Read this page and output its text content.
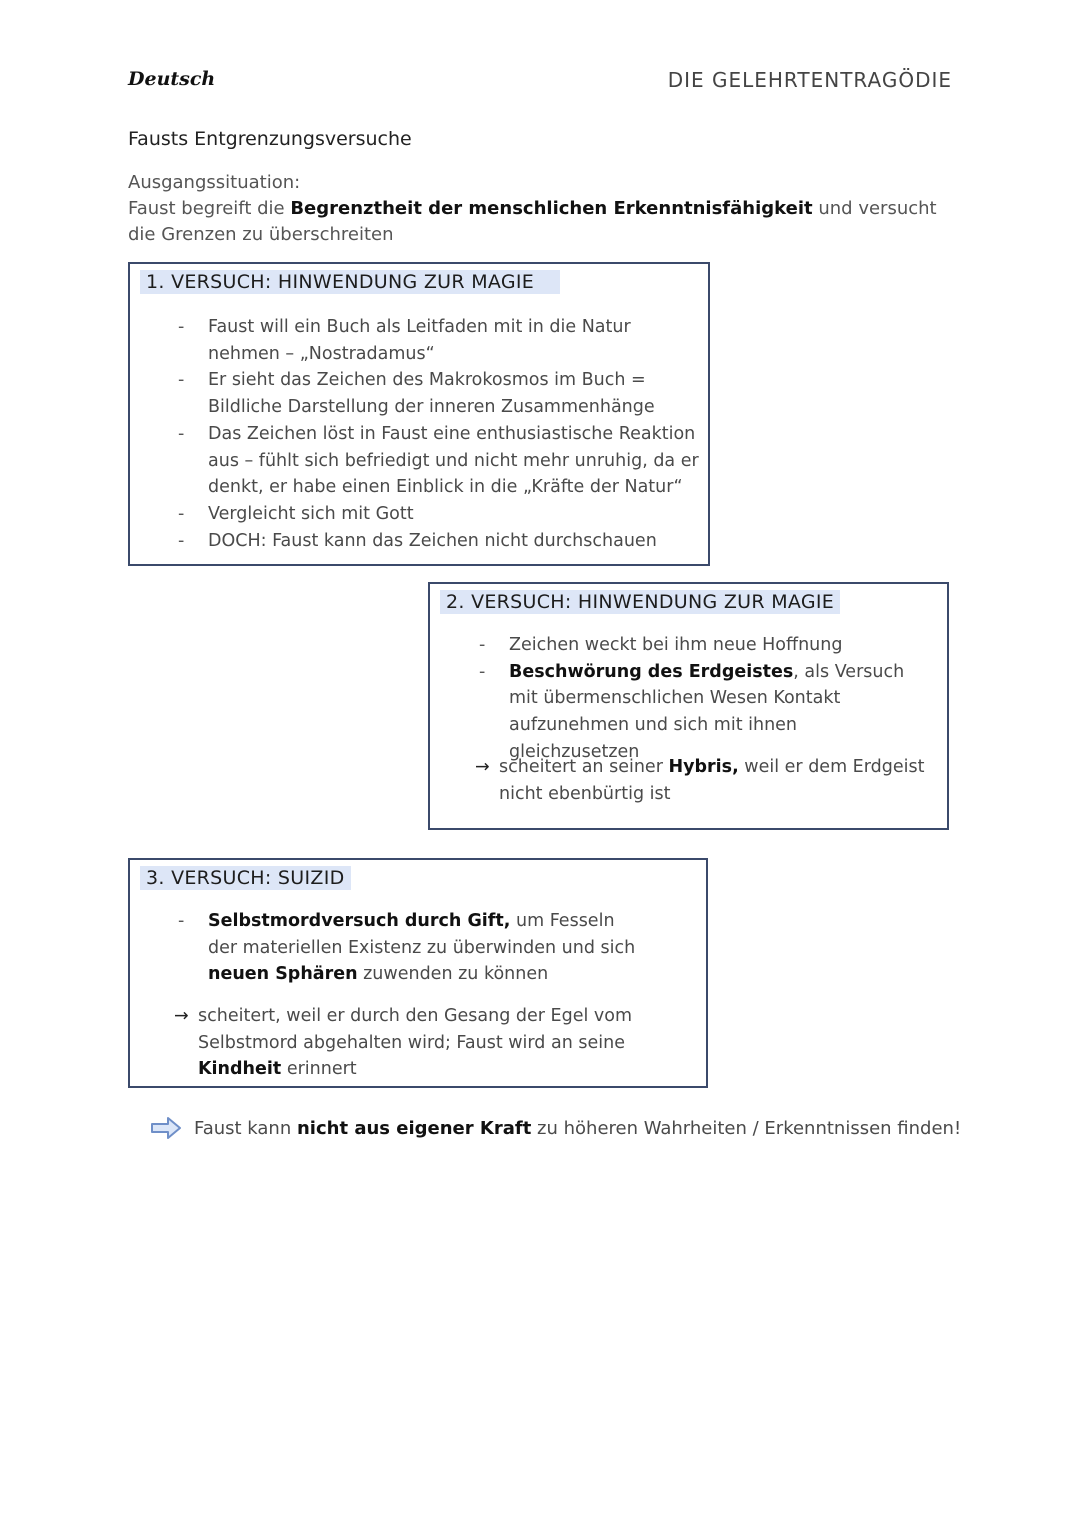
Deutsch	DIE GELEHRTENTRAGÖDIE
Fausts Entgrenzungsversuche
Ausgangssituation:
Faust begreift die Begrenztheit der menschlichen Erkenntnisfähigkeit und versucht die Grenzen zu überschreiten
1. VERSUCH: HINWENDUNG ZUR MAGIE
- Faust will ein Buch als Leitfaden mit in die Natur nehmen – „Nostradamus“
- Er sieht das Zeichen des Makrokosmos im Buch = Bildliche Darstellung der inneren Zusammenhänge
- Das Zeichen löst in Faust eine enthusiastische Reaktion aus – fühlt sich befriedigt und nicht mehr unruhig, da er denkt, er habe einen Einblick in die „Kräfte der Natur“
- Vergleicht sich mit Gott
- DOCH: Faust kann das Zeichen nicht durchschauen
2. VERSUCH: HINWENDUNG ZUR MAGIE
- Zeichen weckt bei ihm neue Hoffnung
- Beschwörung des Erdgeistes, als Versuch mit übermenschlichen Wesen Kontakt aufzunehmen und sich mit ihnen gleichzusetzen
→ scheitert an seiner Hybris, weil er dem Erdgeist nicht ebenbürtig ist
3. VERSUCH: SUIZID
- Selbstmordversuch durch Gift, um Fesseln der materiellen Existenz zu überwinden und sich neuen Sphären zuwenden zu können
→ scheitert, weil er durch den Gesang der Egel vom Selbstmord abgehalten wird; Faust wird an seine Kindheit erinnert
Faust kann nicht aus eigener Kraft zu höheren Wahrheiten / Erkenntnissen finden!
